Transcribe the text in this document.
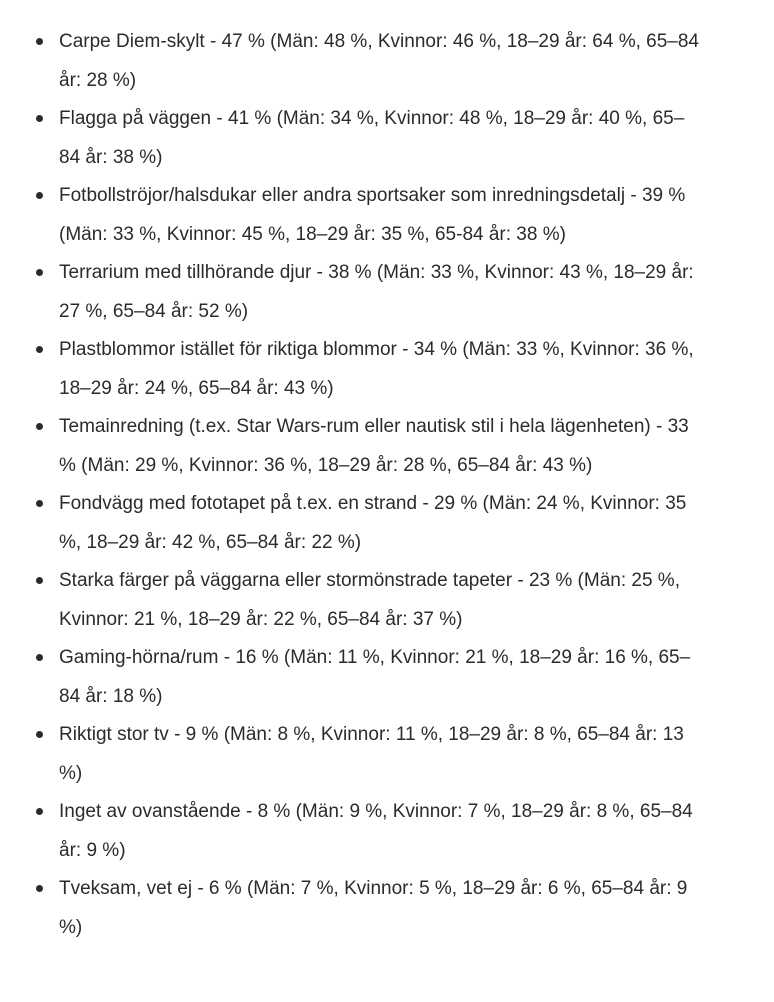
Carpe Diem-skylt - 47 % (Män: 48 %, Kvinnor: 46 %, 18–29 år: 64 %, 65–84 år: 28 %)
Flagga på väggen - 41 % (Män: 34 %, Kvinnor: 48 %, 18–29 år: 40 %, 65–84 år: 38 %)
Fotbollströjor/halsdukar eller andra sportsaker som inredningsdetalj - 39 % (Män: 33 %, Kvinnor: 45 %, 18–29 år: 35 %, 65-84 år: 38 %)
Terrarium med tillhörande djur - 38 % (Män: 33 %, Kvinnor: 43 %, 18–29 år: 27 %, 65–84 år: 52 %)
Plastblommor istället för riktiga blommor - 34 % (Män: 33 %, Kvinnor: 36 %, 18–29 år: 24 %, 65–84 år: 43 %)
Temainredning (t.ex. Star Wars-rum eller nautisk stil i hela lägenheten) - 33 % (Män: 29 %, Kvinnor: 36 %, 18–29 år: 28 %, 65–84 år: 43 %)
Fondvägg med fototapet på t.ex. en strand - 29 % (Män: 24 %, Kvinnor: 35 %, 18–29 år: 42 %, 65–84 år: 22 %)
Starka färger på väggarna eller stormönstrade tapeter - 23 % (Män: 25 %, Kvinnor: 21 %, 18–29 år: 22 %, 65–84 år: 37 %)
Gaming-hörna/rum - 16 % (Män: 11 %, Kvinnor: 21 %, 18–29 år: 16 %, 65–84 år: 18 %)
Riktigt stor tv - 9 % (Män: 8 %, Kvinnor: 11 %, 18–29 år: 8 %, 65–84 år: 13 %)
Inget av ovanstående - 8 % (Män: 9 %, Kvinnor: 7 %, 18–29 år: 8 %, 65–84 år: 9 %)
Tveksam, vet ej - 6 % (Män: 7 %, Kvinnor: 5 %, 18–29 år: 6 %, 65–84 år: 9 %)
